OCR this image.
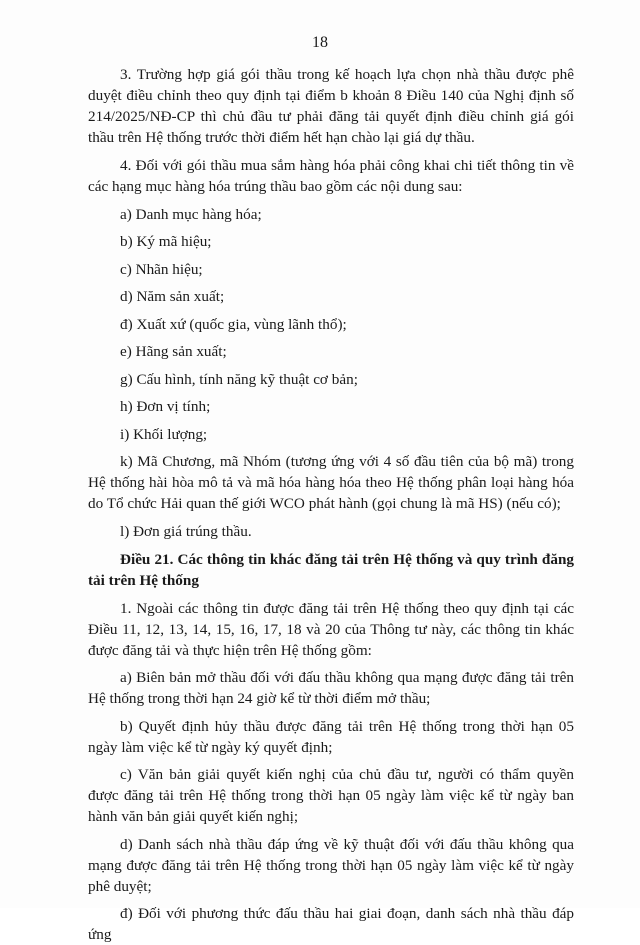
18

3. Trường hợp giá gói thầu trong kế hoạch lựa chọn nhà thầu được phê duyệt điều chỉnh theo quy định tại điểm b khoản 8 Điều 140 của Nghị định số 214/2025/NĐ-CP thì chủ đầu tư phải đăng tải quyết định điều chỉnh giá gói thầu trên Hệ thống trước thời điểm hết hạn chào lại giá dự thầu.

4. Đối với gói thầu mua sắm hàng hóa phải công khai chi tiết thông tin về các hạng mục hàng hóa trúng thầu bao gồm các nội dung sau:

a) Danh mục hàng hóa;

b) Ký mã hiệu;

c) Nhãn hiệu;

d) Năm sản xuất;

đ) Xuất xứ (quốc gia, vùng lãnh thổ);

e) Hãng sản xuất;

g) Cấu hình, tính năng kỹ thuật cơ bản;

h) Đơn vị tính;

i) Khối lượng;

k) Mã Chương, mã Nhóm (tương ứng với 4 số đầu tiên của bộ mã) trong Hệ thống hài hòa mô tả và mã hóa hàng hóa theo Hệ thống phân loại hàng hóa do Tổ chức Hải quan thế giới WCO phát hành (gọi chung là mã HS) (nếu có);

l) Đơn giá trúng thầu.

Điều 21. Các thông tin khác đăng tải trên Hệ thống và quy trình đăng tải trên Hệ thống

1. Ngoài các thông tin được đăng tải trên Hệ thống theo quy định tại các Điều 11, 12, 13, 14, 15, 16, 17, 18 và 20 của Thông tư này, các thông tin khác được đăng tải và thực hiện trên Hệ thống gồm:

a) Biên bản mở thầu đối với đấu thầu không qua mạng được đăng tải trên Hệ thống trong thời hạn 24 giờ kể từ thời điểm mở thầu;

b) Quyết định hủy thầu được đăng tải trên Hệ thống trong thời hạn 05 ngày làm việc kể từ ngày ký quyết định;

c) Văn bản giải quyết kiến nghị của chủ đầu tư, người có thẩm quyền được đăng tải trên Hệ thống trong thời hạn 05 ngày làm việc kể từ ngày ban hành văn bản giải quyết kiến nghị;

d) Danh sách nhà thầu đáp ứng về kỹ thuật đối với đấu thầu không qua mạng được đăng tải trên Hệ thống trong thời hạn 05 ngày làm việc kể từ ngày phê duyệt;

đ) Đối với phương thức đấu thầu hai giai đoạn, danh sách nhà thầu đáp ứng
